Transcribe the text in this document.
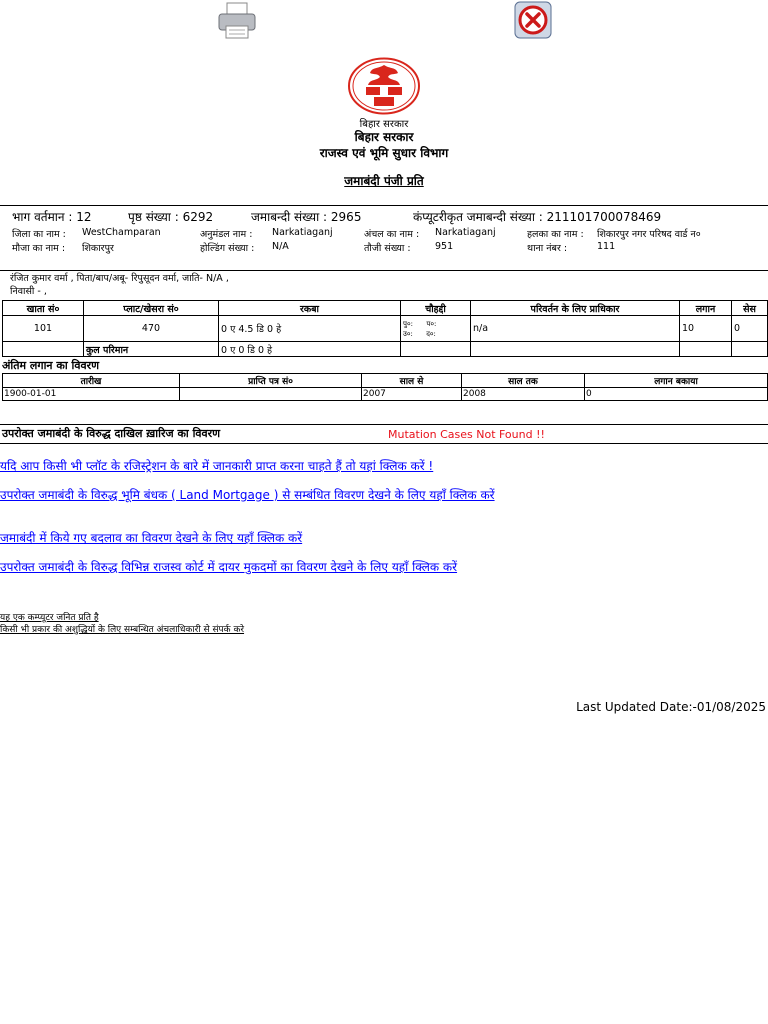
बिहार सरकार
बिहार सरकार
राजस्व एवं भूमि सुधार विभाग
जमाबंदी पंजी प्रति
भाग वर्तमान : 12	पृष्ठ संख्या : 6292	जमाबन्दी संख्या : 2965	कंप्यूटरीकृत जमाबन्दी संख्या : 211101700078469
जिला का नाम : WestChamparan	अनुमंडल नाम : Narkatiaganj	अंचल का नाम : Narkatiaganj	हलका का नाम : शिकारपुर नगर परिषद वार्ड न०
मौजा का नाम : शिकारपुर	होल्डिंग संख्या : N/A	तौजी संख्या :	951	थाना नंबर :	111
रंजित कुमार वर्मा , पिता/बाप/अबू- रिपुसूदन वर्मा, जाति- N/A ,
निवासी - ,
खाता सं०	प्लाट/खेसरा सं०	रकबा	चौहद्दी	परिवर्तन के लिए प्राधिकार	लगान	सेस
101	470	0 ए 4.5 डि 0 हे	पु०: प०:
उ०: द०:	n/a	10	0
	कुल परिमान	0 ए 0 डि 0 हे				
अंतिम लगान का विवरण
तारीख	प्राप्ति पत्र सं०	साल से	साल तक	लगान बकाया
1900-01-01		2007	2008	0
उपरोक्त जमाबंदी के विरुद्ध दाखिल ख़ारिज का विवरण	Mutation Cases Not Found !!
यदि आप किसी भी प्लॉट के रजिस्ट्रेशन के बारे में जानकारी प्राप्त करना चाहते हैं तो यहां क्लिक करें !
उपरोक्त जमाबंदी के विरुद्ध भूमि बंधक ( Land Mortgage ) से सम्बंधित विवरण देखने के लिए यहाँ क्लिक करें
जमाबंदी में किये गए बदलाव का विवरण देखने के लिए यहाँ क्लिक करें
उपरोक्त जमाबंदी के विरुद्ध विभिन्न राजस्व कोर्ट में दायर मुकदमों का विवरण देखने के लिए यहाँ क्लिक करें
यह एक कम्प्यूटर जनित प्रति है
किसी भी प्रकार की अशुद्धियों के लिए सम्बन्धित अंचलाधिकारी से संपर्क करे
Last Updated Date:-01/08/2025
